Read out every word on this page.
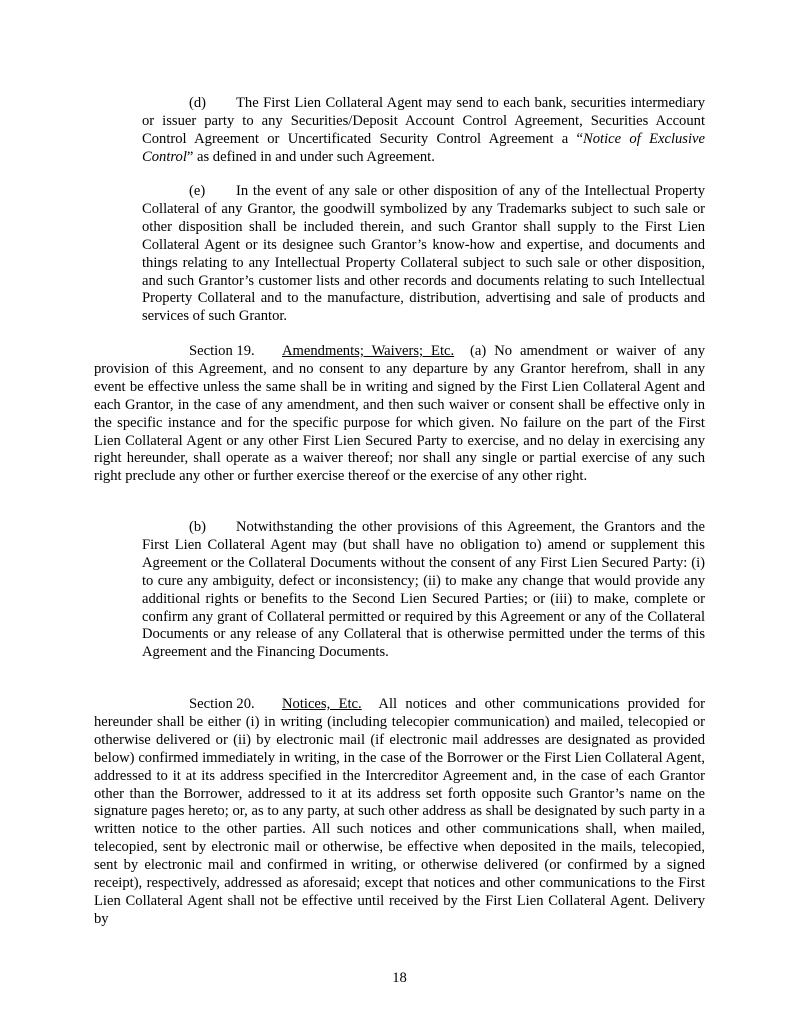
(d) The First Lien Collateral Agent may send to each bank, securities intermediary or issuer party to any Securities/Deposit Account Control Agreement, Securities Account Control Agreement or Uncertificated Security Control Agreement a “Notice of Exclusive Control” as defined in and under such Agreement.

(e) In the event of any sale or other disposition of any of the Intellectual Property Collateral of any Grantor, the goodwill symbolized by any Trademarks subject to such sale or other disposition shall be included therein, and such Grantor shall supply to the First Lien Collateral Agent or its designee such Grantor’s know-how and expertise, and documents and things relating to any Intellectual Property Collateral subject to such sale or other disposition, and such Grantor’s customer lists and other records and documents relating to such Intellectual Property Collateral and to the manufacture, distribution, advertising and sale of products and services of such Grantor.

Section 19. Amendments; Waivers; Etc. (a) No amendment or waiver of any provision of this Agreement, and no consent to any departure by any Grantor herefrom, shall in any event be effective unless the same shall be in writing and signed by the First Lien Collateral Agent and each Grantor, in the case of any amendment, and then such waiver or consent shall be effective only in the specific instance and for the specific purpose for which given. No failure on the part of the First Lien Collateral Agent or any other First Lien Secured Party to exercise, and no delay in exercising any right hereunder, shall operate as a waiver thereof; nor shall any single or partial exercise of any such right preclude any other or further exercise thereof or the exercise of any other right.

(b) Notwithstanding the other provisions of this Agreement, the Grantors and the First Lien Collateral Agent may (but shall have no obligation to) amend or supplement this Agreement or the Collateral Documents without the consent of any First Lien Secured Party: (i) to cure any ambiguity, defect or inconsistency; (ii) to make any change that would provide any additional rights or benefits to the Second Lien Secured Parties; or (iii) to make, complete or confirm any grant of Collateral permitted or required by this Agreement or any of the Collateral Documents or any release of any Collateral that is otherwise permitted under the terms of this Agreement and the Financing Documents.

Section 20. Notices, Etc. All notices and other communications provided for hereunder shall be either (i) in writing (including telecopier communication) and mailed, telecopied or otherwise delivered or (ii) by electronic mail (if electronic mail addresses are designated as provided below) confirmed immediately in writing, in the case of the Borrower or the First Lien Collateral Agent, addressed to it at its address specified in the Intercreditor Agreement and, in the case of each Grantor other than the Borrower, addressed to it at its address set forth opposite such Grantor’s name on the signature pages hereto; or, as to any party, at such other address as shall be designated by such party in a written notice to the other parties. All such notices and other communications shall, when mailed, telecopied, sent by electronic mail or otherwise, be effective when deposited in the mails, telecopied, sent by electronic mail and confirmed in writing, or otherwise delivered (or confirmed by a signed receipt), respectively, addressed as aforesaid; except that notices and other communications to the First Lien Collateral Agent shall not be effective until received by the First Lien Collateral Agent. Delivery by

18
